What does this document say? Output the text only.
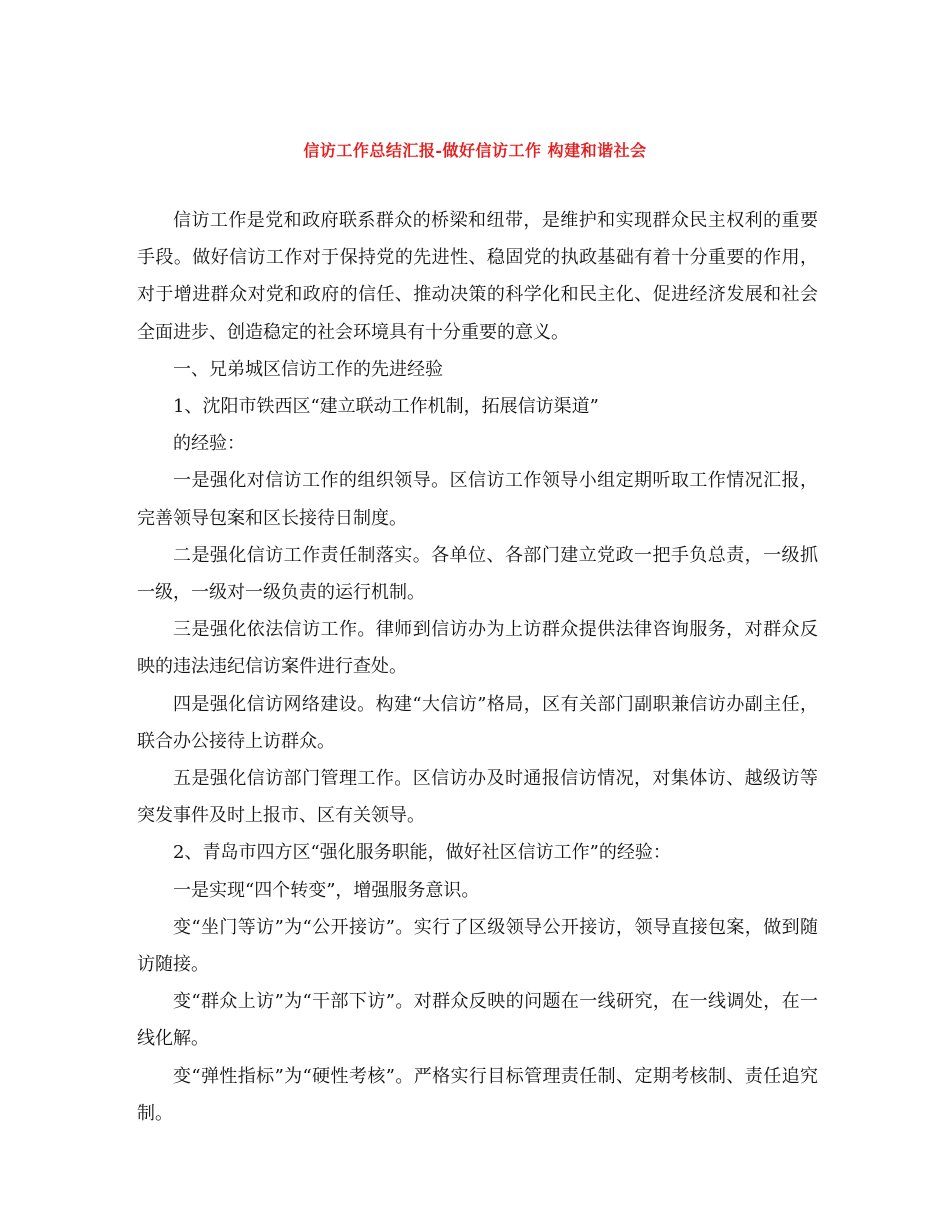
信访工作总结汇报-做好信访工作 构建和谐社会

信访工作是党和政府联系群众的桥梁和纽带，是维护和实现群众民主权利的重要手段。做好信访工作对于保持党的先进性、稳固党的执政基础有着十分重要的作用，对于增进群众对党和政府的信任、推动决策的科学化和民主化、促进经济发展和社会全面进步、创造稳定的社会环境具有十分重要的意义。

一、兄弟城区信访工作的先进经验

1、沈阳市铁西区“建立联动工作机制，拓展信访渠道”

的经验：

一是强化对信访工作的组织领导。区信访工作领导小组定期听取工作情况汇报，完善领导包案和区长接待日制度。

二是强化信访工作责任制落实。各单位、各部门建立党政一把手负总责，一级抓一级，一级对一级负责的运行机制。

三是强化依法信访工作。律师到信访办为上访群众提供法律咨询服务，对群众反映的违法违纪信访案件进行查处。

四是强化信访网络建设。构建“大信访”格局，区有关部门副职兼信访办副主任，联合办公接待上访群众。

五是强化信访部门管理工作。区信访办及时通报信访情况，对集体访、越级访等突发事件及时上报市、区有关领导。

2、青岛市四方区“强化服务职能，做好社区信访工作”的经验：

一是实现“四个转变”，增强服务意识。

变“坐门等访”为“公开接访”。实行了区级领导公开接访，领导直接包案，做到随访随接。

变“群众上访”为“干部下访”。对群众反映的问题在一线研究，在一线调处，在一线化解。

变“弹性指标”为“硬性考核”。严格实行目标管理责任制、定期考核制、责任追究制。
